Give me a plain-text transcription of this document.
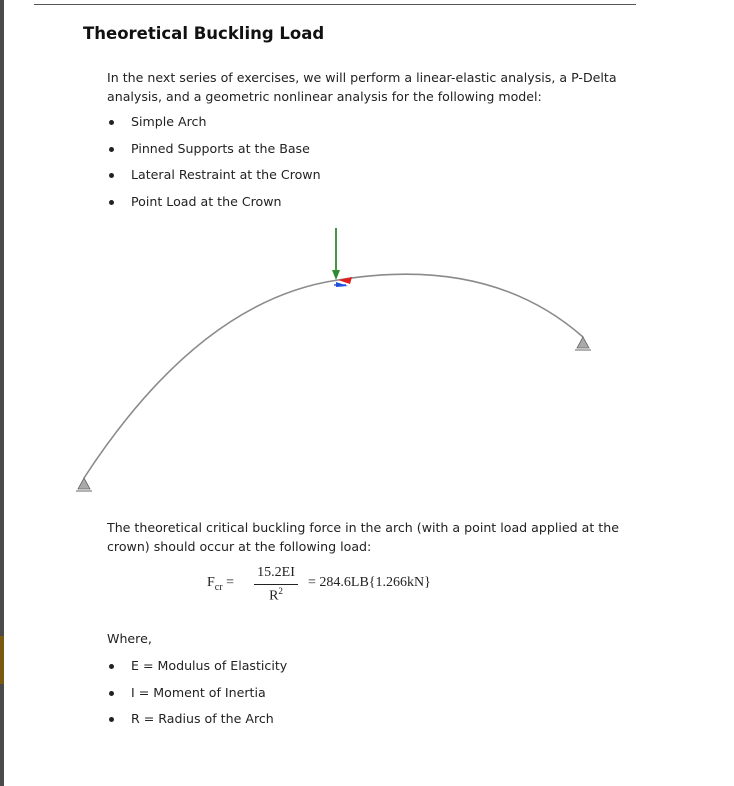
Theoretical Buckling Load
In the next series of exercises, we will perform a linear-elastic analysis, a P-Delta analysis, and a geometric nonlinear analysis for the following model:
Simple Arch
Pinned Supports at the Base
Lateral Restraint at the Crown
Point Load at the Crown
The theoretical critical buckling force in the arch (with a point load applied at the crown) should occur at the following load:
$F_{cr}$ =
15.2EI
$R^2$
= 284.6LB{1.266kN}
Where,
E = Modulus of Elasticity
I = Moment of Inertia
R = Radius of the Arch
